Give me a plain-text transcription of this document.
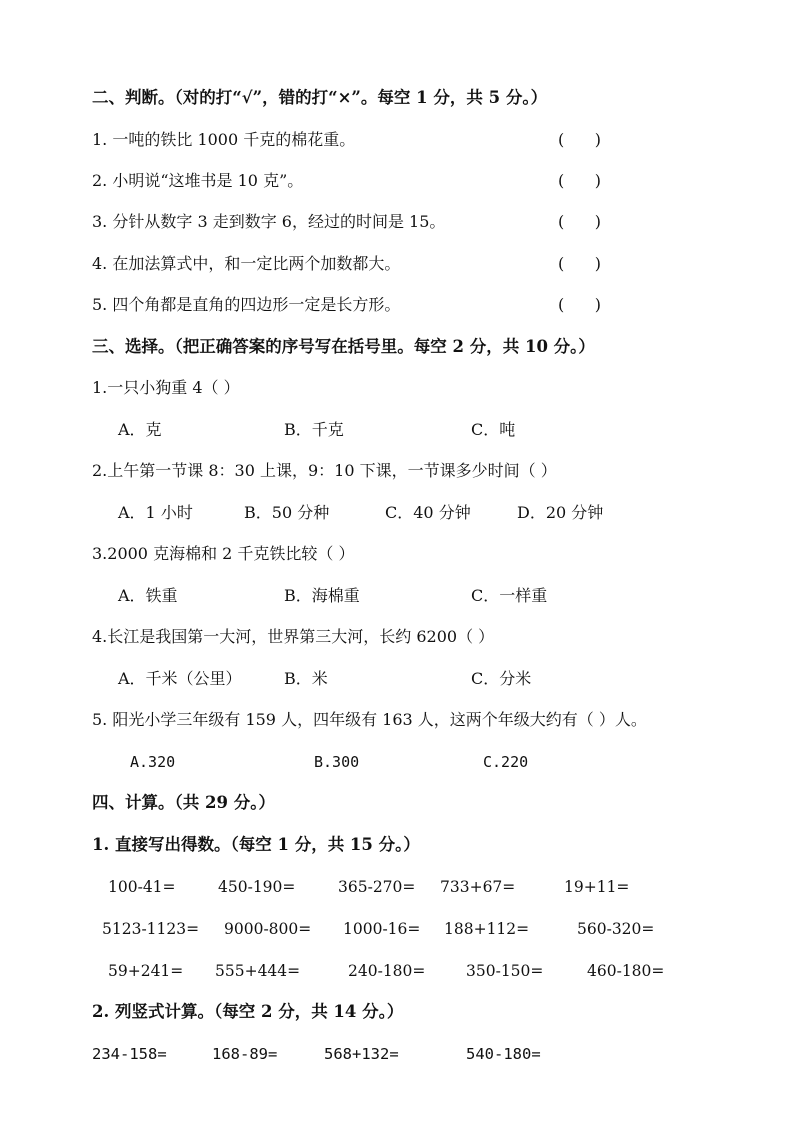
二、判断。（对的打“√”，错的打“×”。每空 1 分，共 5 分。）
1. 一吨的铁比 1000 千克的棉花重。	(      )
2. 小明说“这堆书是 10 克”。	(      )
3. 分针从数字 3 走到数字 6，经过的时间是 15。	(      )
4. 在加法算式中，和一定比两个加数都大。	(      )
5. 四个角都是直角的四边形一定是长方形。	(      )
三、选择。（把正确答案的序号写在括号里。每空 2 分，共 10 分。）
1.一只小狗重 4（ ）
A．克	B．千克	C．吨
2.上午第一节课 8：30 上课，9：10 下课，一节课多少时间（ ）
A．1 小时	B．50 分种	C．40 分钟	D．20 分钟
3.2000 克海棉和 2 千克铁比较（ ）
A．铁重	B．海棉重	C．一样重
4.长江是我国第一大河，世界第三大河，长约 6200（ ）
A．千米（公里）	B．米	C．分米
5. 阳光小学三年级有 159 人，四年级有 163 人，这两个年级大约有（ ）人。
A.320	B.300	C.220
四、计算。（共 29 分。）
1. 直接写出得数。（每空 1 分，共 15 分。）
100-41=	450-190=	365-270= 733+67=	19+11=
5123-1123= 9000-800= 1000-16= 188+112=	560-320=
59+241= 555+444=	240-180=	350-150=	460-180=
2. 列竖式计算。（每空 2 分，共 14 分。）
234-158=	168-89=	568+132=	540-180=
